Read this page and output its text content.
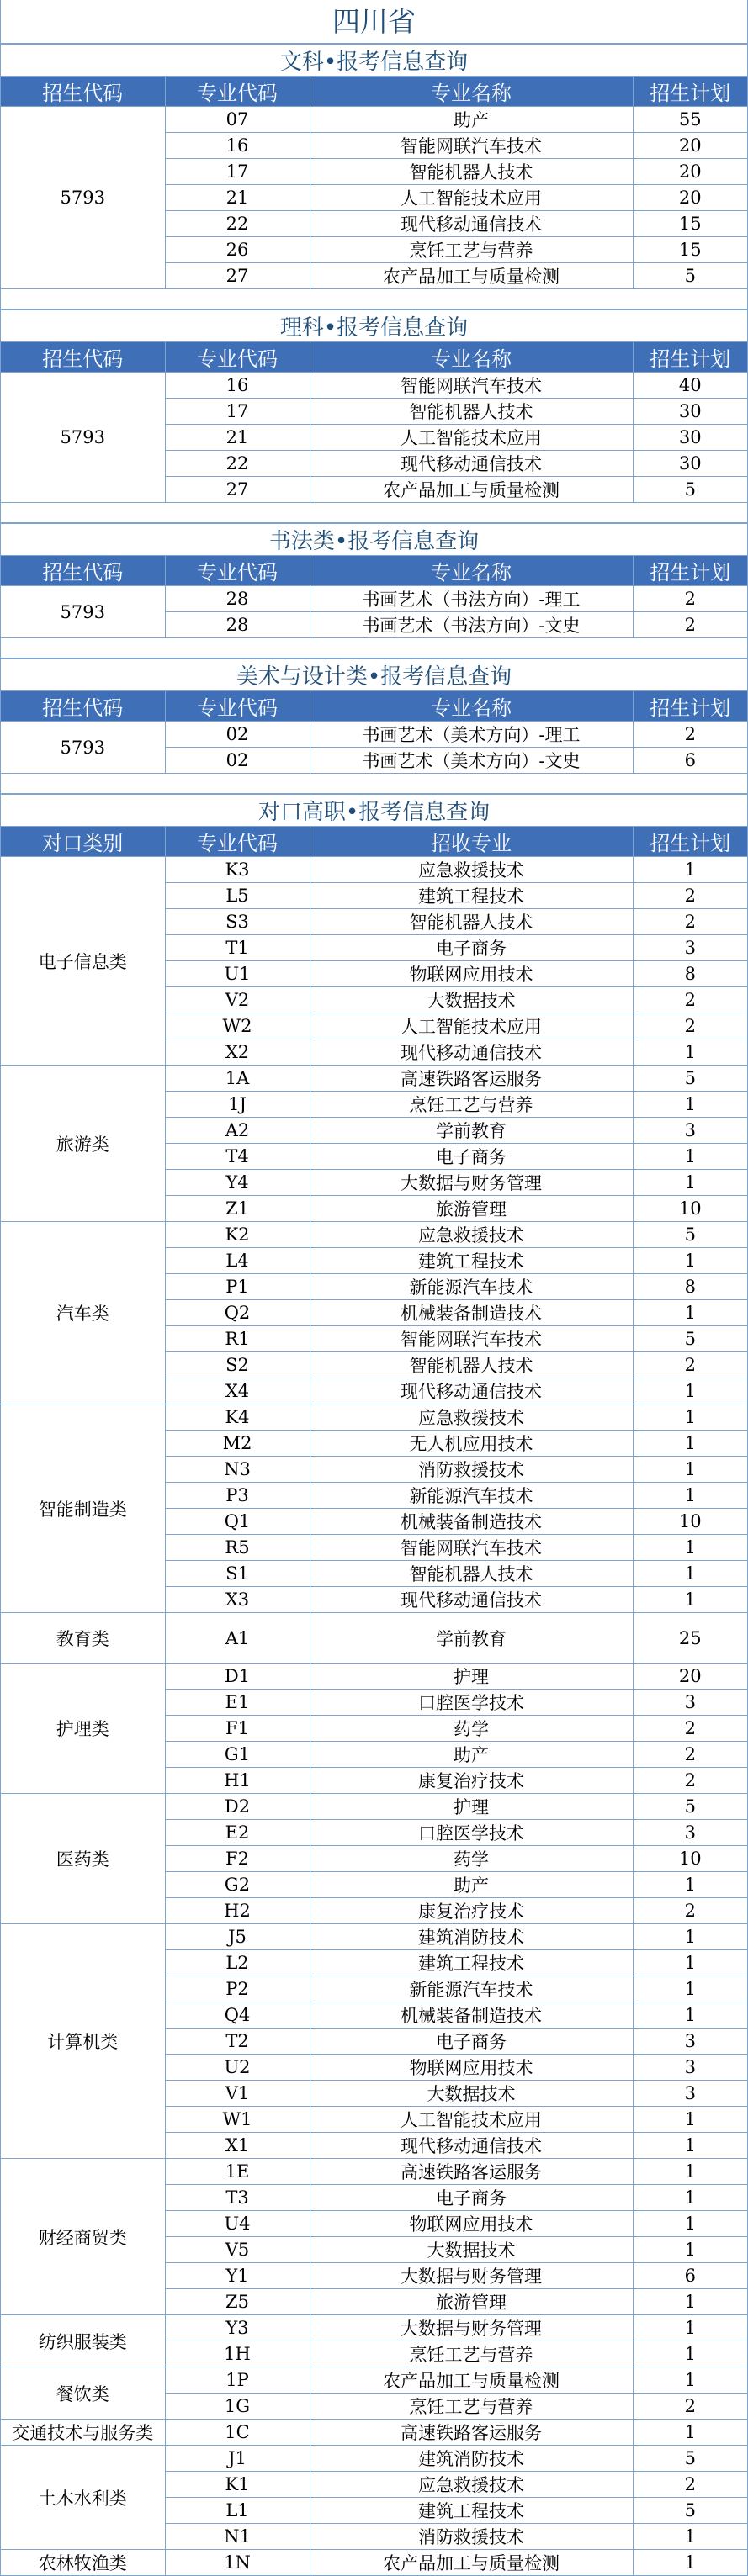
四川省
文科•报考信息查询			
招生代码	专业代码	专业名称	招生计划
5793	07	助产	55
	16	智能网联汽车技术	20
	17	智能机器人技术	20
	21	人工智能技术应用	20
	22	现代移动通信技术	15
	26	烹饪工艺与营养	15
	27	农产品加工与质量检测	5
理科•报考信息查询			
招生代码	专业代码	专业名称	招生计划
5793	16	智能网联汽车技术	40
	17	智能机器人技术	30
	21	人工智能技术应用	30
	22	现代移动通信技术	30
	27	农产品加工与质量检测	5
书法类•报考信息查询			
招生代码	专业代码	专业名称	招生计划
5793	28	书画艺术（书法方向）-理工	2
	28	书画艺术（书法方向）-文史	2
美术与设计类•报考信息查询			
招生代码	专业代码	专业名称	招生计划
5793	02	书画艺术（美术方向）-理工	2
	02	书画艺术（美术方向）-文史	6
对口高职•报考信息查询			
对口类别	专业代码	招收专业	招生计划
电子信息类	K3	应急救援技术	1
	L5	建筑工程技术	2
	S3	智能机器人技术	2
	T1	电子商务	3
	U1	物联网应用技术	8
	V2	大数据技术	2
	W2	人工智能技术应用	2
	X2	现代移动通信技术	1
旅游类	1A	高速铁路客运服务	5
	1J	烹饪工艺与营养	1
	A2	学前教育	3
	T4	电子商务	1
	Y4	大数据与财务管理	1
	Z1	旅游管理	10
汽车类	K2	应急救援技术	5
	L4	建筑工程技术	1
	P1	新能源汽车技术	8
	Q2	机械装备制造技术	1
	R1	智能网联汽车技术	5
	S2	智能机器人技术	2
	X4	现代移动通信技术	1
智能制造类	K4	应急救援技术	1
	M2	无人机应用技术	1
	N3	消防救援技术	1
	P3	新能源汽车技术	1
	Q1	机械装备制造技术	10
	R5	智能网联汽车技术	1
	S1	智能机器人技术	1
	X3	现代移动通信技术	1
教育类	A1	学前教育	25
护理类	D1	护理	20
	E1	口腔医学技术	3
	F1	药学	2
	G1	助产	2
	H1	康复治疗技术	2
医药类	D2	护理	5
	E2	口腔医学技术	3
	F2	药学	10
	G2	助产	1
	H2	康复治疗技术	2
计算机类	J5	建筑消防技术	1
	L2	建筑工程技术	1
	P2	新能源汽车技术	1
	Q4	机械装备制造技术	1
	T2	电子商务	3
	U2	物联网应用技术	3
	V1	大数据技术	3
	W1	人工智能技术应用	1
	X1	现代移动通信技术	1
财经商贸类	1E	高速铁路客运服务	1
	T3	电子商务	1
	U4	物联网应用技术	1
	V5	大数据技术	1
	Y1	大数据与财务管理	6
	Z5	旅游管理	1
纺织服装类	Y3	大数据与财务管理	1
	1H	烹饪工艺与营养	1
餐饮类	1P	农产品加工与质量检测	1
	1G	烹饪工艺与营养	2
交通技术与服务类	1C	高速铁路客运服务	1
土木水利类	J1	建筑消防技术	5
	K1	应急救援技术	2
	L1	建筑工程技术	5
	N1	消防救援技术	1
农林牧渔类	1N	农产品加工与质量检测	1
